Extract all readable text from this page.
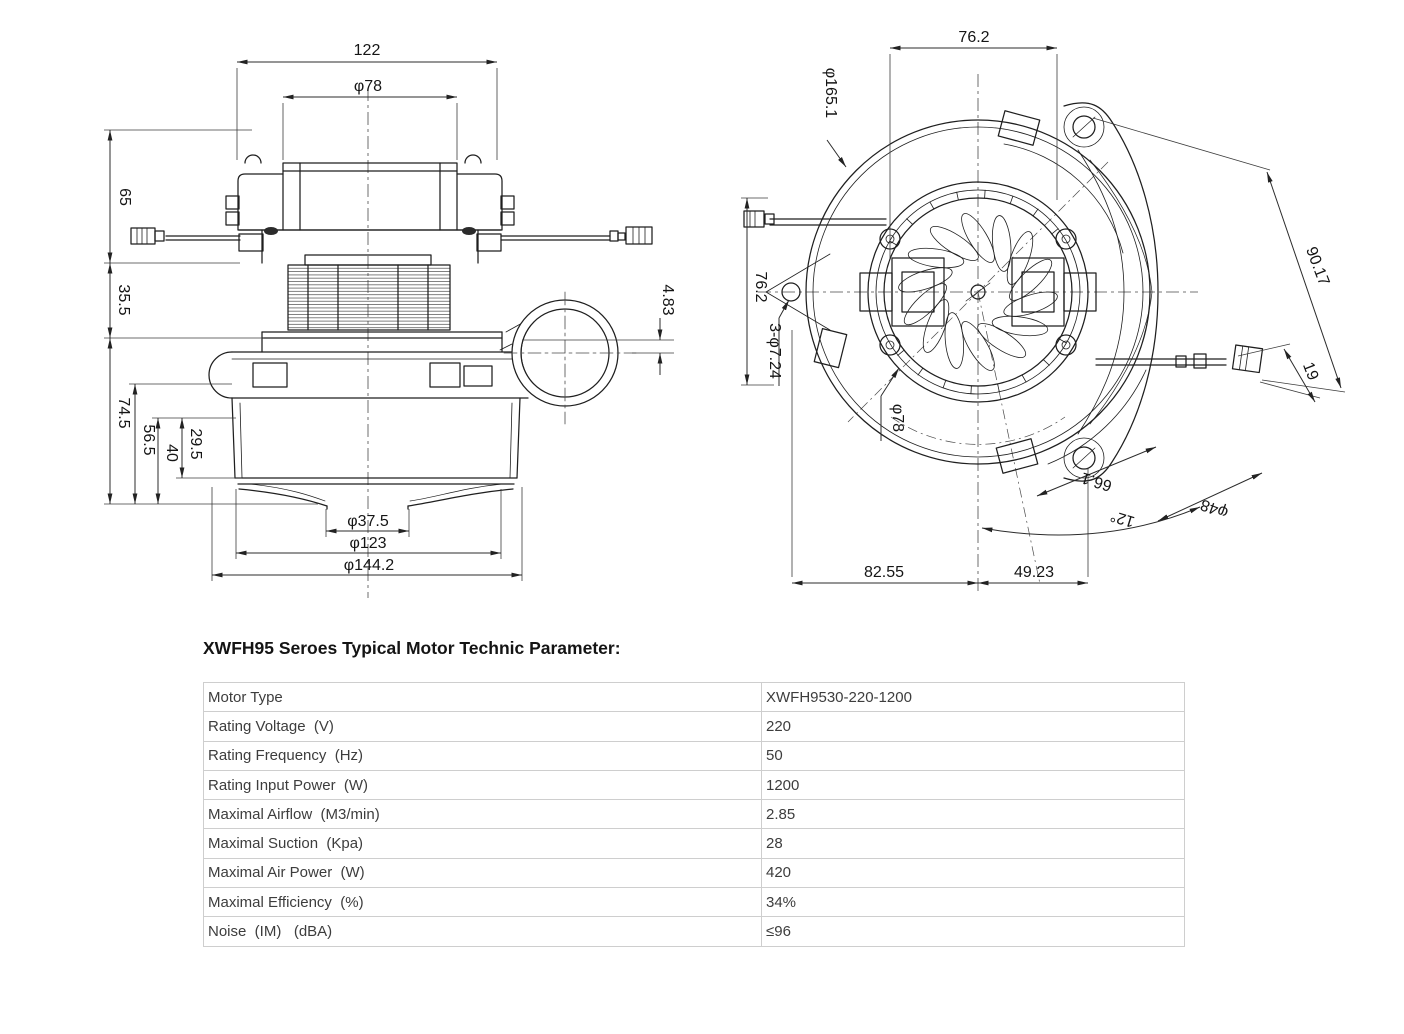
122
φ78
65
35.5
74.5
56.5 40 29.5
4.83
φ37.5
φ123
φ144.2
76.2
φ165.1
76.2
3-φ7.24
φ78
90.17
19
66.1
12°	φ48
82.55	49.23
XWFH95 Seroes Typical Motor Technic Parameter:
Motor Type	XWFH9530-220-1200
Rating Voltage  (V)	220
Rating Frequency  (Hz)	50
Rating Input Power  (W)	1200
Maximal Airflow  (M3/min)	2.85
Maximal Suction  (Kpa)	28
Maximal Air Power  (W)	420
Maximal Efficiency  (%)	34%
Noise  (IM)   (dBA)	≤96
